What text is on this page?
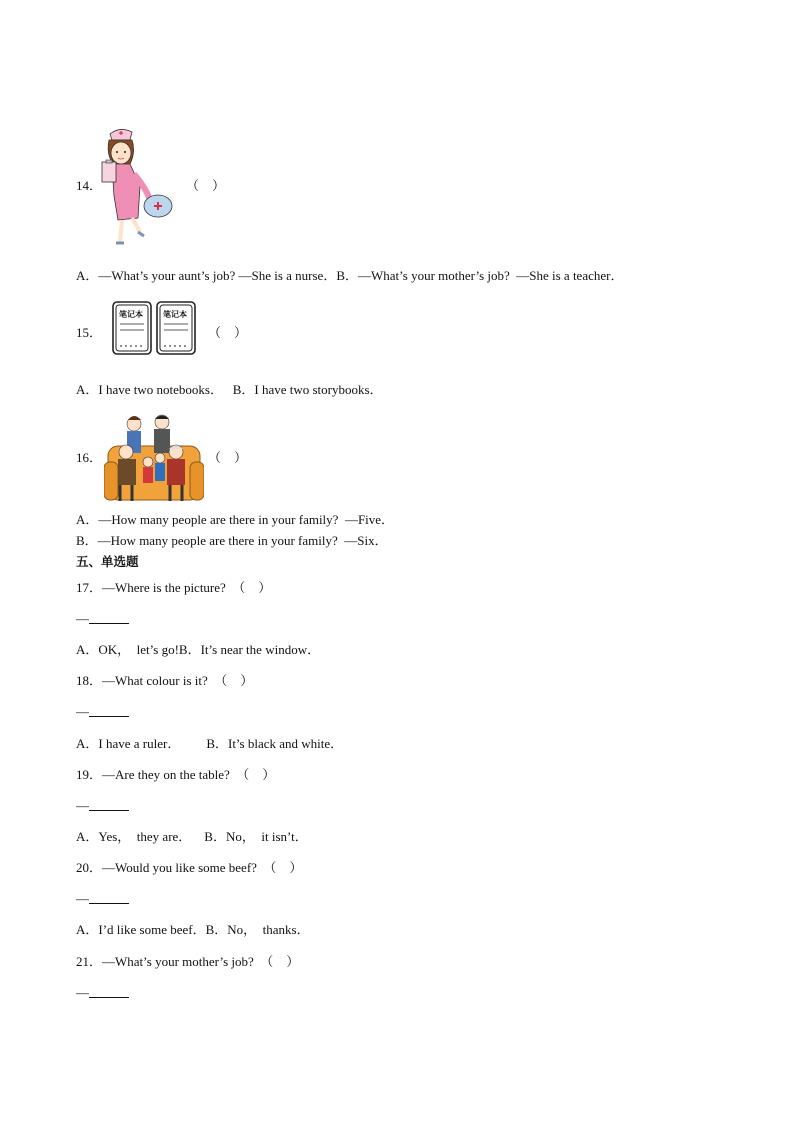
14．	（　）
A．—What’s your aunt’s job? —She is a nurse．B．—What’s your mother’s job?  —She is a teacher．
15．
笔记本	笔记本
（　）
A．I have two notebooks．   B．I have two storybooks．
16．	（　）
A．—How many people are there in your family?  —Five．
B．—How many people are there in your family?  —Six．
五、单选题
17．—Where is the picture?  （　）
—
A．OK，  let’s go!B．It’s near the window．
18．—What colour is it?  （　）
—
A．I have a ruler．        B．It’s black and white．
19．—Are they on the table?  （　）
—
A．Yes，  they are．    B．No，  it isn’t．
20．—Would you like some beef?  （　）
—
A．I’d like some beef．B．No，  thanks．
21．—What’s your mother’s job?  （　）
—
